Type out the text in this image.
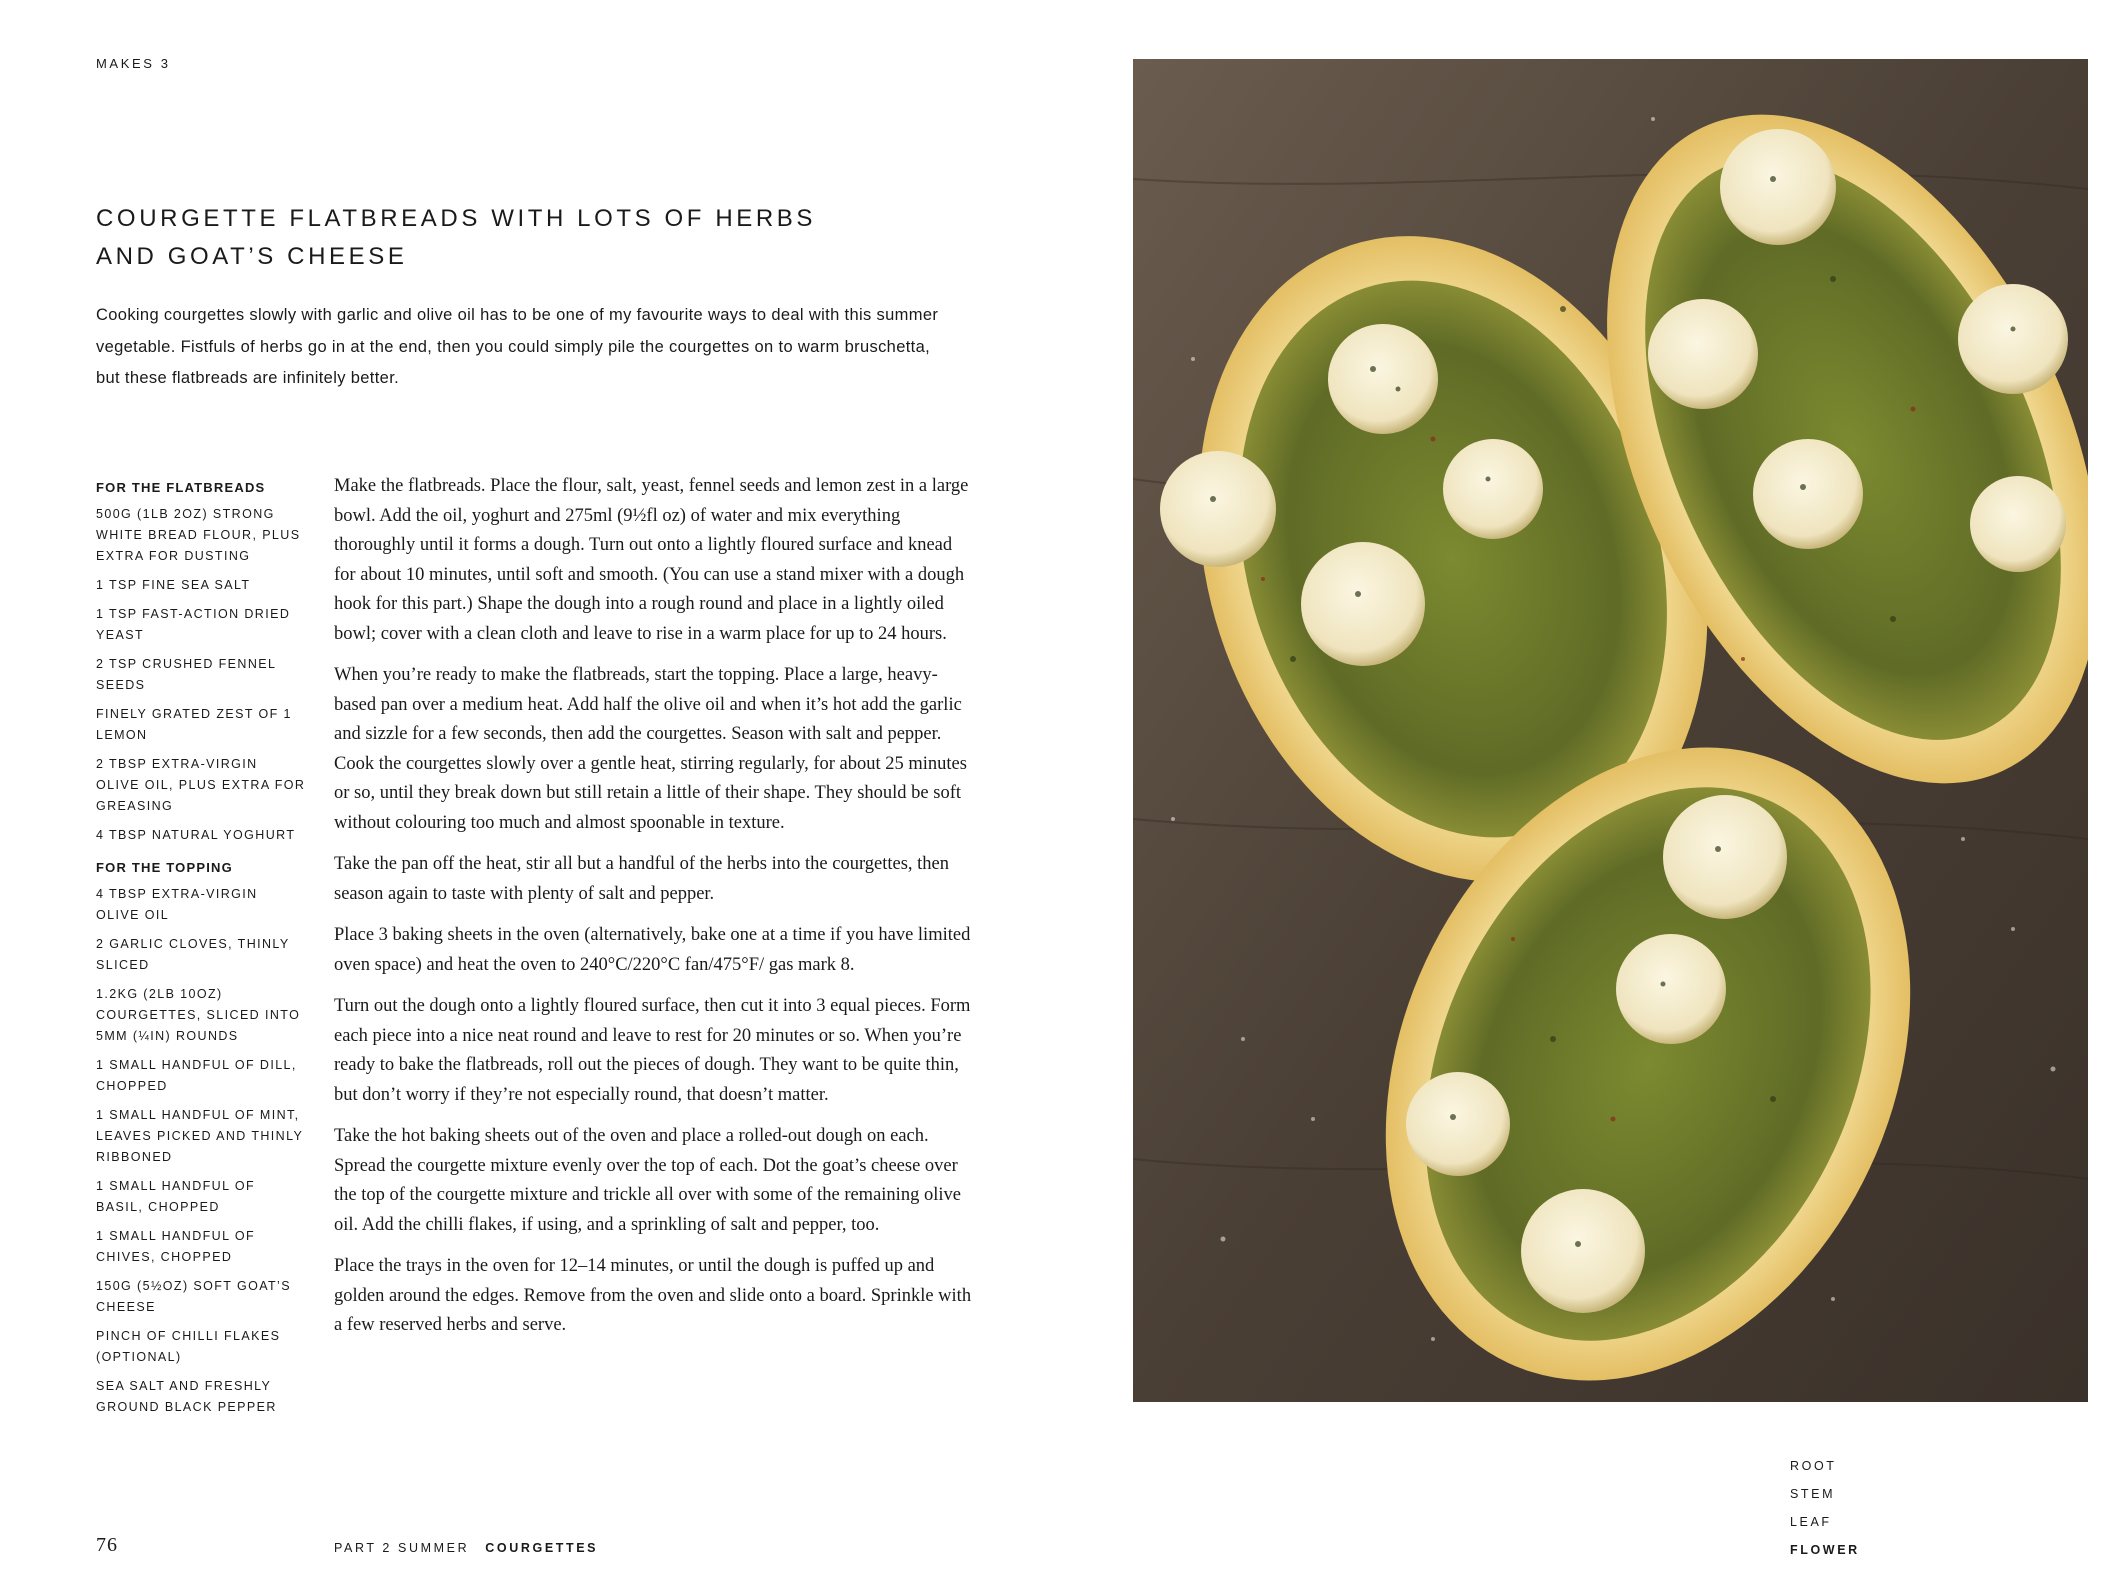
MAKES 3
COURGETTE FLATBREADS WITH LOTS OF HERBS
AND GOAT’S CHEESE

Cooking courgettes slowly with garlic and olive oil has to be one of my favourite ways to deal with this summer vegetable. Fistfuls of herbs go in at the end, then you could simply pile the courgettes on to warm bruschetta, but these flatbreads are infinitely better.

FOR THE FLATBREADS
500G (1LB 2OZ) STRONG WHITE BREAD FLOUR, PLUS EXTRA FOR DUSTING
1 TSP FINE SEA SALT
1 TSP FAST-ACTION DRIED YEAST
2 TSP CRUSHED FENNEL SEEDS
FINELY GRATED ZEST OF 1 LEMON
2 TBSP EXTRA-VIRGIN OLIVE OIL, PLUS EXTRA FOR GREASING
4 TBSP NATURAL YOGHURT
FOR THE TOPPING
4 TBSP EXTRA-VIRGIN OLIVE OIL
2 GARLIC CLOVES, THINLY SLICED
1.2KG (2LB 10OZ) COURGETTES, SLICED INTO 5MM (¼IN) ROUNDS
1 SMALL HANDFUL OF DILL, CHOPPED
1 SMALL HANDFUL OF MINT, LEAVES PICKED AND THINLY RIBBONED
1 SMALL HANDFUL OF BASIL, CHOPPED
1 SMALL HANDFUL OF CHIVES, CHOPPED
150G (5½OZ) SOFT GOAT’S CHEESE
PINCH OF CHILLI FLAKES (OPTIONAL)
SEA SALT AND FRESHLY GROUND BLACK PEPPER

Make the flatbreads. Place the flour, salt, yeast, fennel seeds and lemon zest in a large bowl. Add the oil, yoghurt and 275ml (9½fl oz) of water and mix everything thoroughly until it forms a dough. Turn out onto a lightly floured surface and knead for about 10 minutes, until soft and smooth. (You can use a stand mixer with a dough hook for this part.) Shape the dough into a rough round and place in a lightly oiled bowl; cover with a clean cloth and leave to rise in a warm place for up to 24 hours.

When you’re ready to make the flatbreads, start the topping. Place a large, heavy-based pan over a medium heat. Add half the olive oil and when it’s hot add the garlic and sizzle for a few seconds, then add the courgettes. Season with salt and pepper. Cook the courgettes slowly over a gentle heat, stirring regularly, for about 25 minutes or so, until they break down but still retain a little of their shape. They should be soft without colouring too much and almost spoonable in texture.

Take the pan off the heat, stir all but a handful of the herbs into the courgettes, then season again to taste with plenty of salt and pepper.

Place 3 baking sheets in the oven (alternatively, bake one at a time if you have limited oven space) and heat the oven to 240°C/220°C fan/475°F/ gas mark 8.

Turn out the dough onto a lightly floured surface, then cut it into 3 equal pieces. Form each piece into a nice neat round and leave to rest for 20 minutes or so. When you’re ready to bake the flatbreads, roll out the pieces of dough. They want to be quite thin, but don’t worry if they’re not especially round, that doesn’t matter.

Take the hot baking sheets out of the oven and place a rolled-out dough on each. Spread the courgette mixture evenly over the top of each. Dot the goat’s cheese over the top of the courgette mixture and trickle all over with some of the remaining olive oil. Add the chilli flakes, if using, and a sprinkling of salt and pepper, too.

Place the trays in the oven for 12–14 minutes, or until the dough is puffed up and golden around the edges. Remove from the oven and slide onto a board. Sprinkle with a few reserved herbs and serve.

76	PART 2 SUMMER COURGETTES
ROOT
STEM
LEAF
FLOWER
